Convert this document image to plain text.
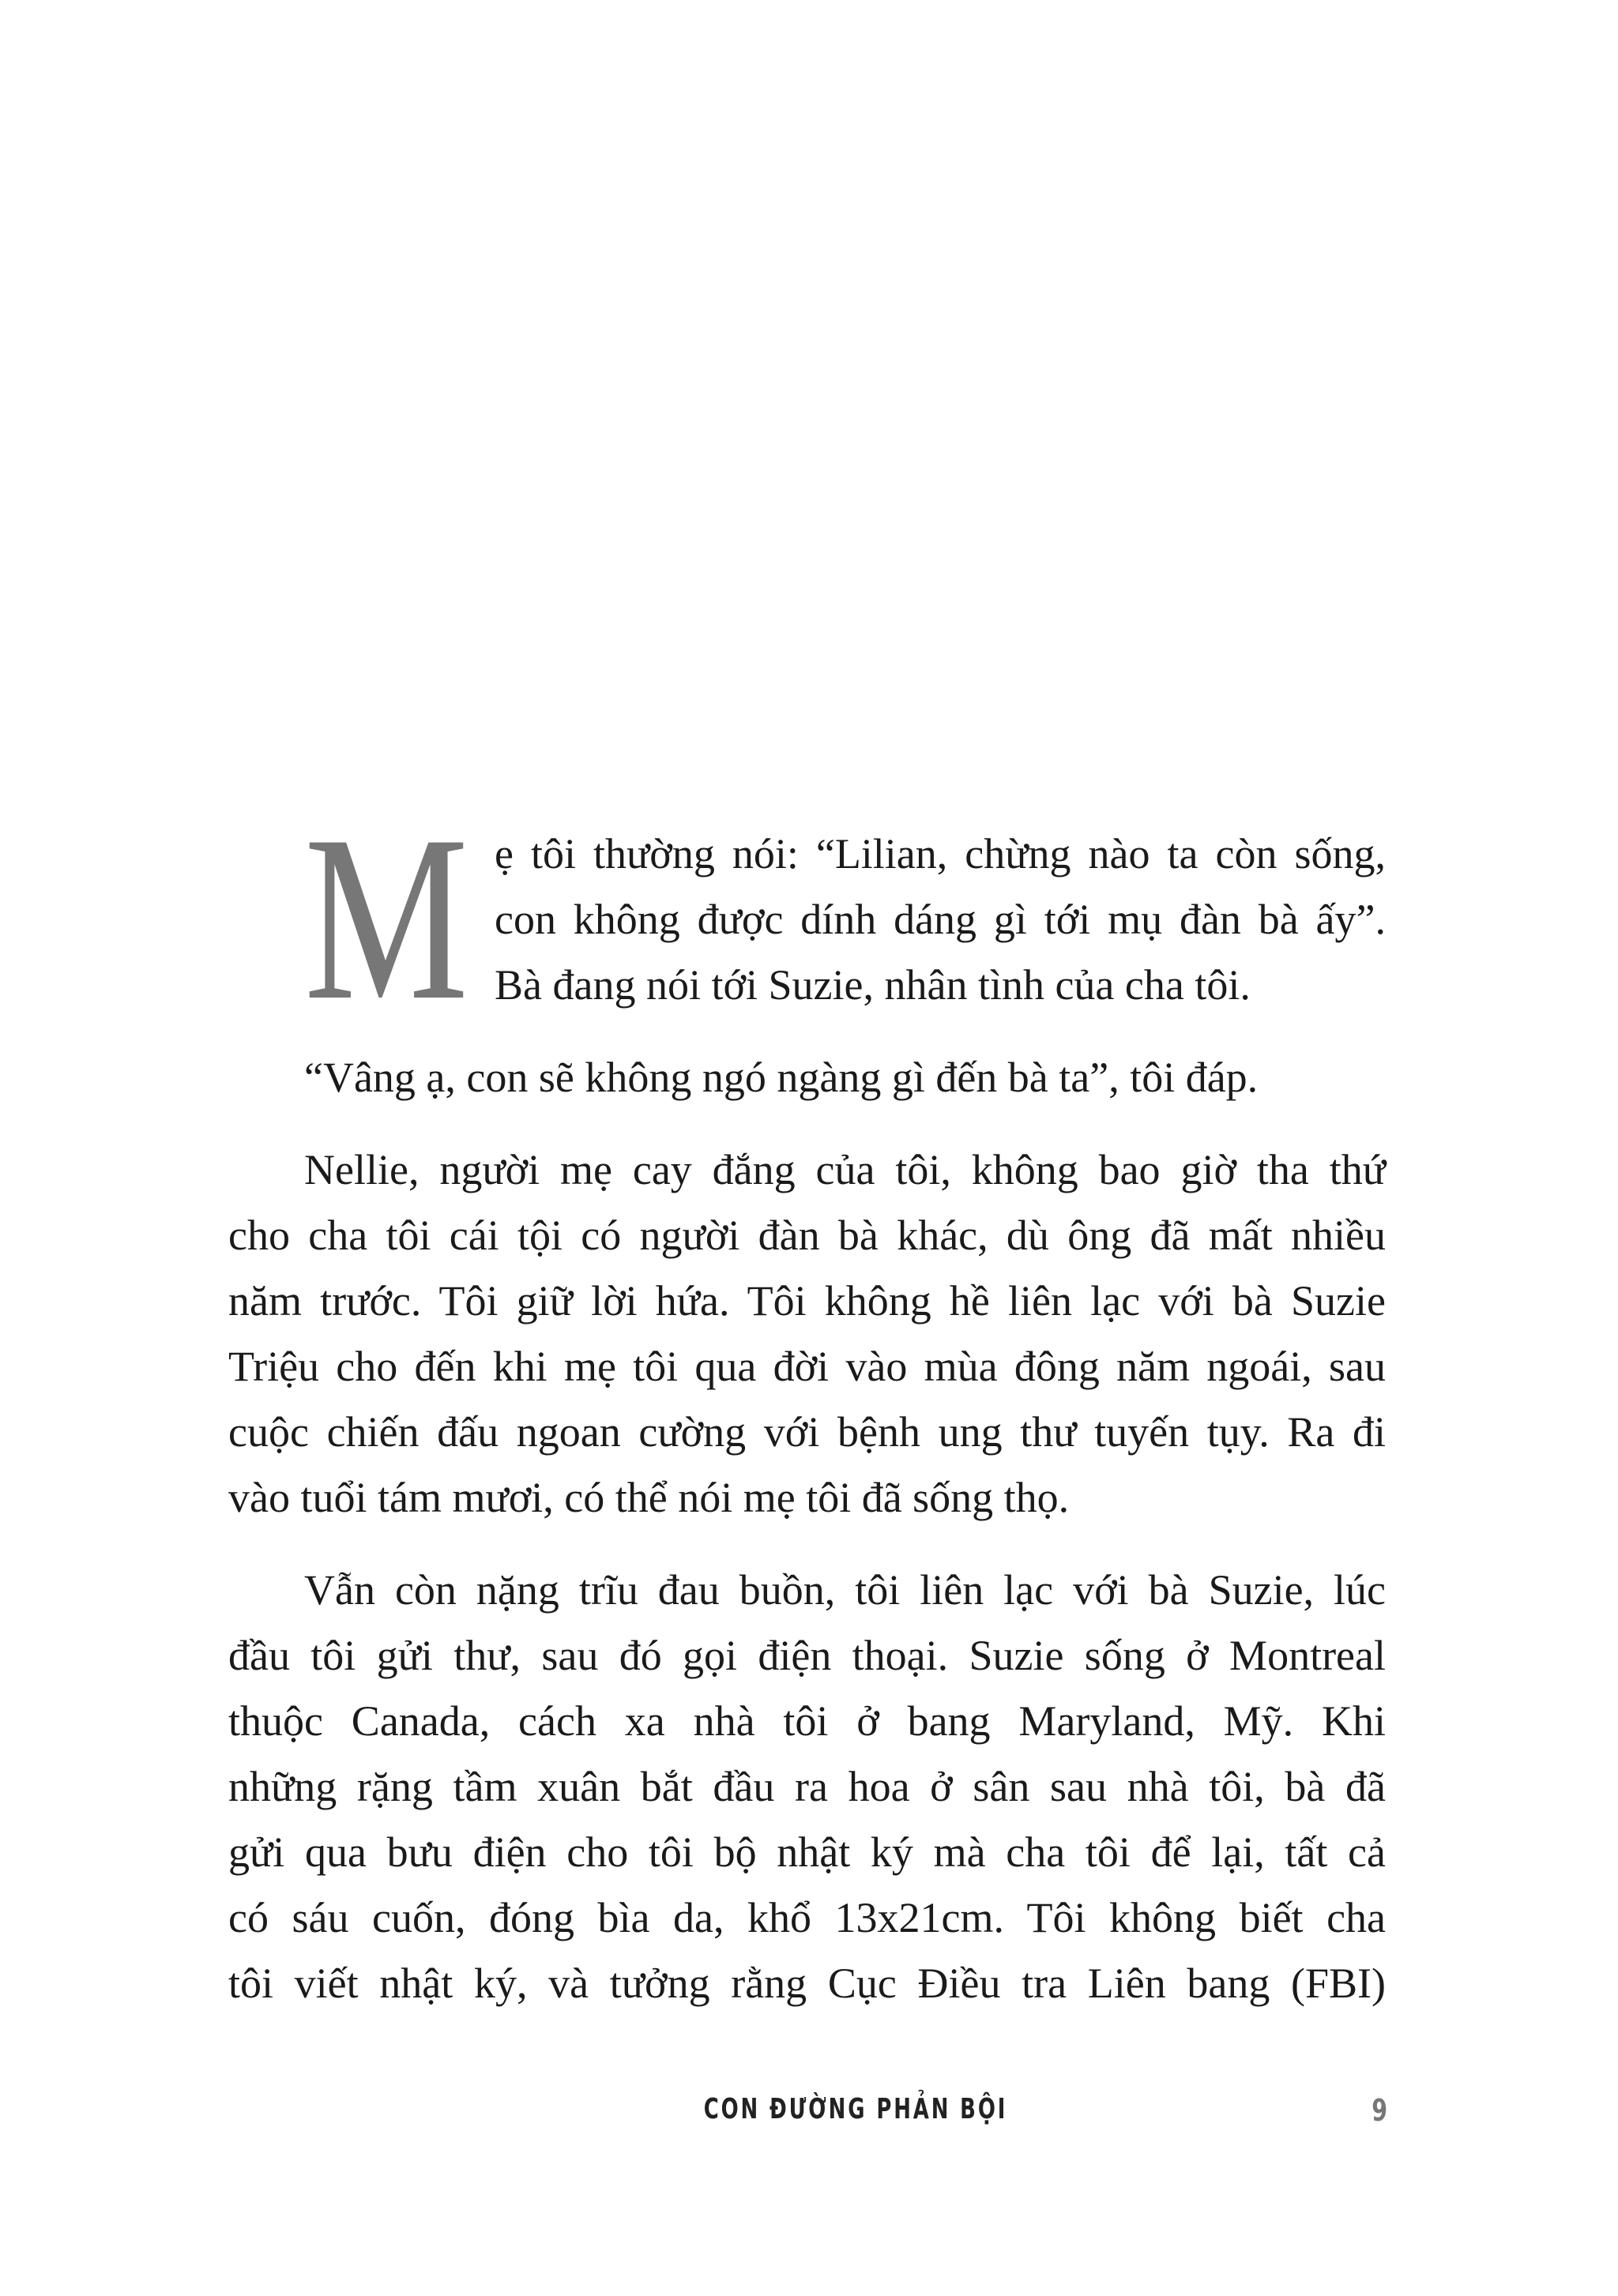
M ẹ tôi thường nói: “Lilian, chừng nào ta còn sống,
con không được dính dáng gì tới mụ đàn bà ấy”.
Bà đang nói tới Suzie, nhân tình của cha tôi.
“Vâng ạ, con sẽ không ngó ngàng gì đến bà ta”, tôi đáp.
Nellie, người mẹ cay đắng của tôi, không bao giờ tha thứ
cho cha tôi cái tội có người đàn bà khác, dù ông đã mất nhiều
năm trước. Tôi giữ lời hứa. Tôi không hề liên lạc với bà Suzie
Triệu cho đến khi mẹ tôi qua đời vào mùa đông năm ngoái, sau
cuộc chiến đấu ngoan cường với bệnh ung thư tuyến tụy. Ra đi
vào tuổi tám mươi, có thể nói mẹ tôi đã sống thọ.
Vẫn còn nặng trĩu đau buồn, tôi liên lạc với bà Suzie, lúc
đầu tôi gửi thư, sau đó gọi điện thoại. Suzie sống ở Montreal
thuộc Canada, cách xa nhà tôi ở bang Maryland, Mỹ. Khi
những rặng tầm xuân bắt đầu ra hoa ở sân sau nhà tôi, bà đã
gửi qua bưu điện cho tôi bộ nhật ký mà cha tôi để lại, tất cả
có sáu cuốn, đóng bìa da, khổ 13x21cm. Tôi không biết cha
tôi viết nhật ký, và tưởng rằng Cục Điều tra Liên bang (FBI)
CON ĐƯỜNG PHẢN BỘI	9
